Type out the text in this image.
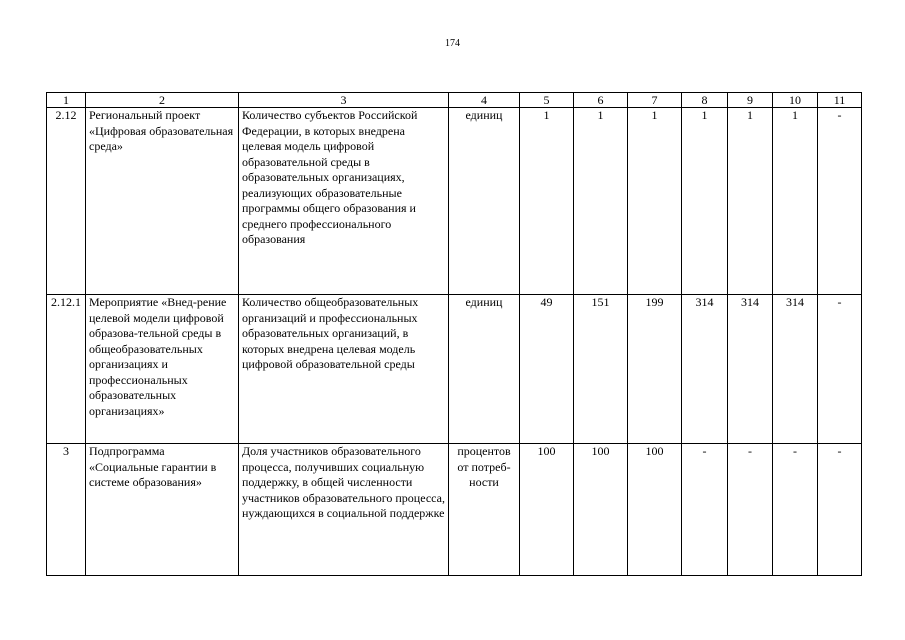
174
1	2	3	4	5	6	7	8	9	10	11
2.12	Региональный проект «Цифровая образовательная среда»	Количество субъектов Российской Федерации, в которых внедрена целевая модель цифровой образовательной среды в образовательных организациях, реализующих образовательные программы общего образования и среднего профессионального образования	единиц	1	1	1	1	1	1	-
2.12.1	Мероприятие «Внед-рение целевой модели цифровой образова-тельной среды в общеобразовательных организациях и профессиональных образовательных организациях»	Количество общеобразовательных организаций и профессиональных образовательных организаций, в которых внедрена целевая модель цифровой образовательной среды	единиц	49	151	199	314	314	314	-
3	Подпрограмма «Социальные гарантии в системе образования»	Доля участников образовательного процесса, получивших социальную поддержку, в общей численности участников образовательного процесса, нуждающихся в социальной поддержке	процентов от потреб-ности	100	100	100	-	-	-	-
